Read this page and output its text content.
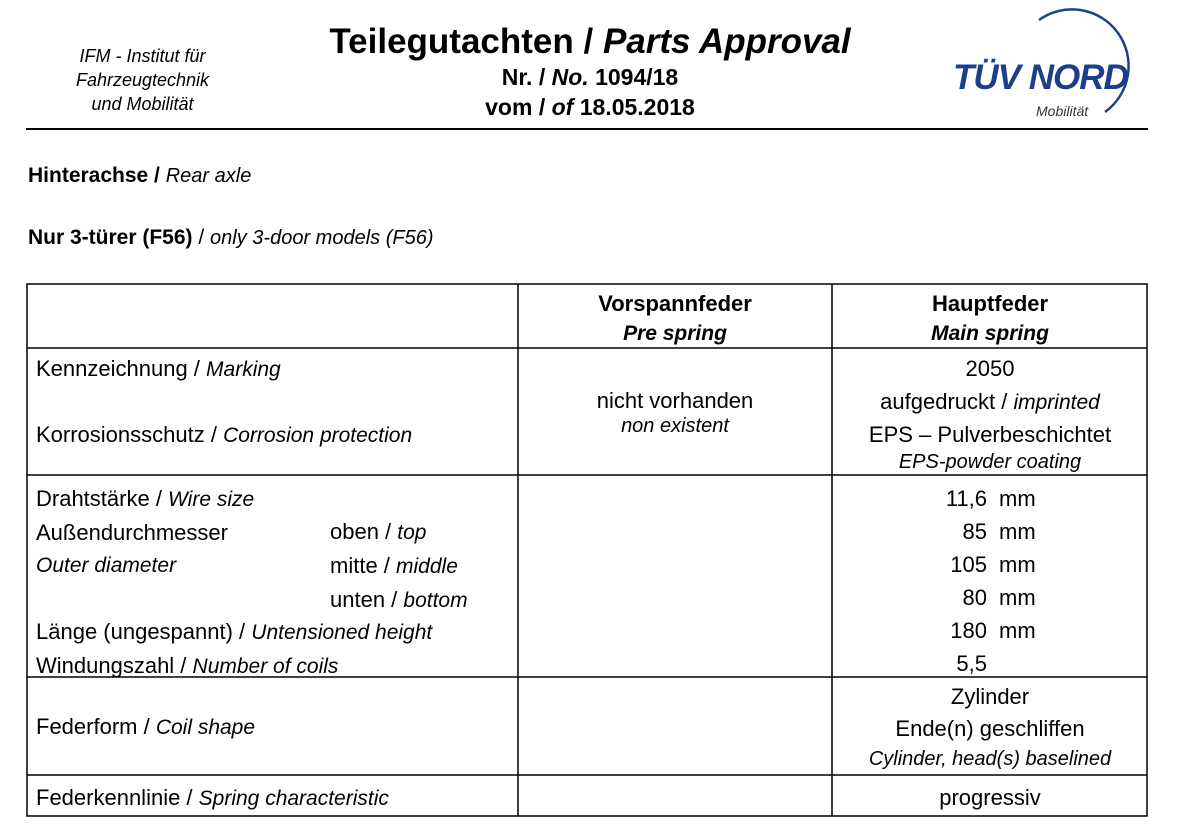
IFM - Institut für
Fahrzeugtechnik
und Mobilität
Teilegutachten / Parts Approval
Nr. / No. 1094/18
vom / of 18.05.2018
TÜV NORD
Mobilität
Hinterachse / Rear axle
Nur 3-türer (F56) / only 3-door models (F56)
Vorspannfeder
Pre spring
Hauptfeder
Main spring
Kennzeichnung / Marking
Korrosionsschutz / Corrosion protection
nicht vorhanden
non existent
2050
aufgedruckt / imprinted
EPS – Pulverbeschichtet
EPS-powder coating
Drahtstärke / Wire size
Außendurchmesser
Outer diameter

Länge (ungespannt) / Untensioned height
Windungszahl / Number of coils
oben / top
mitte / middle
unten / bottom
11,6 mm
85 mm
105 mm
80 mm
180 mm
5,5
Federform / Coil shape
Zylinder
Ende(n) geschliffen
Cylinder, head(s) baselined
Federkennlinie / Spring characteristic	progressiv
